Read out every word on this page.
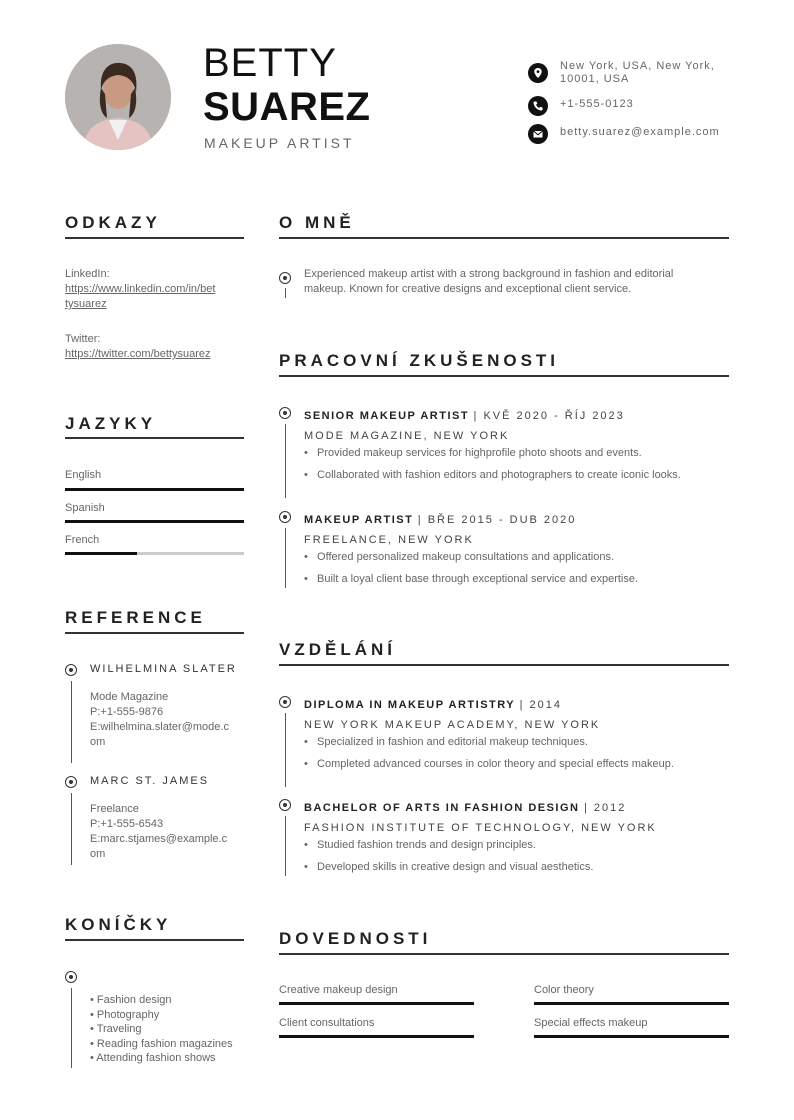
BETTY
SUAREZ
MAKEUP ARTIST
New York, USA, New York,
10001, USA
+1-555-0123
betty.suarez@example.com
ODKAZY
LinkedIn:
https://www.linkedin.com/in/bet
tysuarez
Twitter:
https://twitter.com/bettysuarez
JAZYKY
English
Spanish
French
REFERENCE
WILHELMINA SLATER
Mode Magazine
P:+1-555-9876
E:wilhelmina.slater@mode.c
om
MARC ST. JAMES
Freelance
P:+1-555-6543
E:marc.stjames@example.c
om
KONÍČKY
• Fashion design
• Photography
• Traveling
• Reading fashion magazines
• Attending fashion shows
O MNĚ
Experienced makeup artist with a strong background in fashion and editorial
makeup. Known for creative designs and exceptional client service.
PRACOVNÍ ZKUŠENOSTI
SENIOR MAKEUP ARTIST | KVĚ 2020 - ŘÍJ 2023
MODE MAGAZINE, NEW YORK
•   Provided makeup services for highprofile photo shoots and events.
•   Collaborated with fashion editors and photographers to create iconic looks.
MAKEUP ARTIST | BŘE 2015 - DUB 2020
FREELANCE, NEW YORK
•   Offered personalized makeup consultations and applications.
•   Built a loyal client base through exceptional service and expertise.
VZDĚLÁNÍ
DIPLOMA IN MAKEUP ARTISTRY | 2014
NEW YORK MAKEUP ACADEMY, NEW YORK
•   Specialized in fashion and editorial makeup techniques.
•   Completed advanced courses in color theory and special effects makeup.
BACHELOR OF ARTS IN FASHION DESIGN | 2012
FASHION INSTITUTE OF TECHNOLOGY, NEW YORK
•   Studied fashion trends and design principles.
•   Developed skills in creative design and visual aesthetics.
DOVEDNOSTI
Creative makeup design	Color theory
Client consultations	Special effects makeup
